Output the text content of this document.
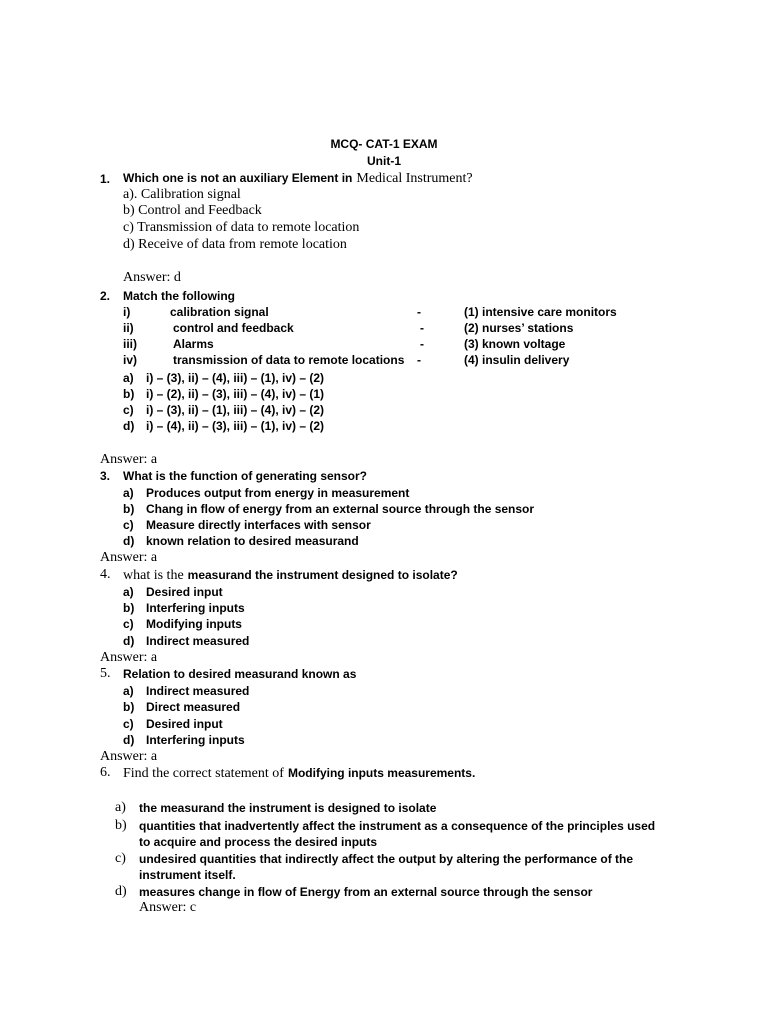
MCQ- CAT-1 EXAM
Unit-1
1. Which one is not an auxiliary Element in Medical Instrument?
a). Calibration signal
b) Control and Feedback
c) Transmission of data to remote location
d) Receive of data from remote location
Answer: d
2. Match the following
i)	calibration signal	-	(1) intensive care monitors
ii)	control and feedback	-	(2) nurses’ stations
iii)	Alarms	-	(3) known voltage
iv)	transmission of data to remote locations -	(4) insulin delivery
a) i) – (3), ii) – (4), iii) – (1), iv) – (2)
b) i) – (2), ii) – (3), iii) – (4), iv) – (1)
c) i) – (3), ii) – (1), iii) – (4), iv) – (2)
d) i) – (4), ii) – (3), iii) – (1), iv) – (2)
Answer: a
3. What is the function of generating sensor?
a) Produces output from energy in measurement
b) Chang in flow of energy from an external source through the sensor
c) Measure directly interfaces with sensor
d) known relation to desired measurand
Answer: a
4. what is the measurand the instrument designed to isolate?
a) Desired input
b) Interfering inputs
c) Modifying inputs
d) Indirect measured
Answer: a
5. Relation to desired measurand known as
a) Indirect measured
b) Direct measured
c) Desired input
d) Interfering inputs
Answer: a
6. Find the correct statement of Modifying inputs measurements.
a) the measurand the instrument is designed to isolate
b) quantities that inadvertently affect the instrument as a consequence of the principles used
to acquire and process the desired inputs
c) undesired quantities that indirectly affect the output by altering the performance of the
instrument itself.
d) measures change in flow of Energy from an external source through the sensor
Answer: c
